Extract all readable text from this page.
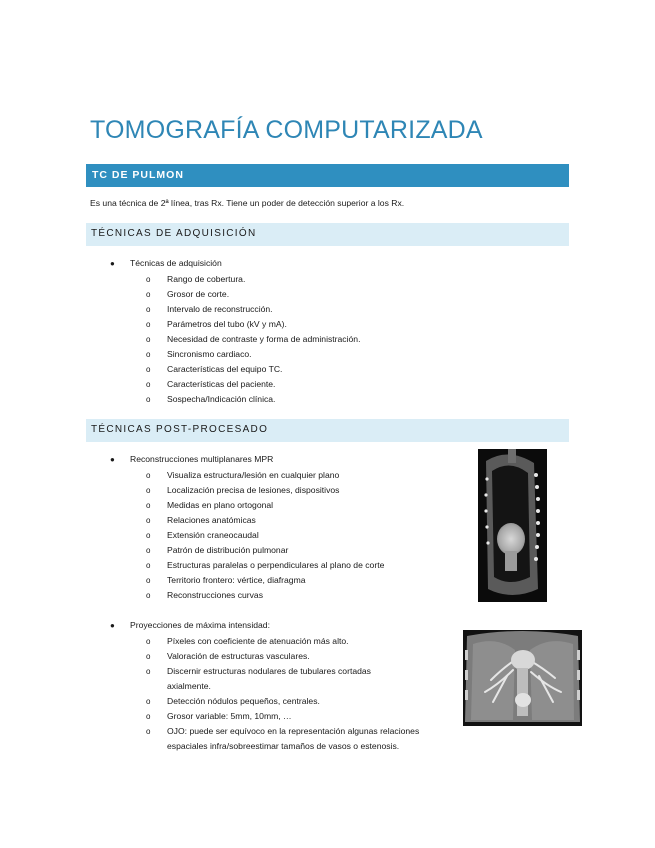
TOMOGRAFÍA COMPUTARIZADA
TC DE PULMON
Es una técnica de 2ª línea, tras Rx. Tiene un poder de detección superior a los Rx.
TÉCNICAS DE ADQUISICIÓN
● Técnicas de adquisición
o Rango de cobertura.
o Grosor de corte.
o Intervalo de reconstrucción.
o Parámetros del tubo (kV y mA).
o Necesidad de contraste y forma de administración.
o Sincronismo cardiaco.
o Características del equipo TC.
o Características del paciente.
o Sospecha/Indicación clínica.
TÉCNICAS POST-PROCESADO
● Reconstrucciones multiplanares MPR
o Visualiza estructura/lesión en cualquier plano
o Localización precisa de lesiones, dispositivos
o Medidas en plano ortogonal
o Relaciones anatómicas
o Extensión craneocaudal
o Patrón de distribución pulmonar
o Estructuras paralelas o perpendiculares al plano de corte
o Territorio frontero: vértice, diafragma
o Reconstrucciones curvas
● Proyecciones de máxima intensidad:
o Píxeles con coeficiente de atenuación más alto.
o Valoración de estructuras vasculares.
o Discernir estructuras nodulares de tubulares cortadas axialmente.
o Detección nódulos pequeños, centrales.
o Grosor variable: 5mm, 10mm, …
o OJO: puede ser equívoco en la representación algunas relaciones espaciales infra/sobreestimar tamaños de vasos o estenosis.
